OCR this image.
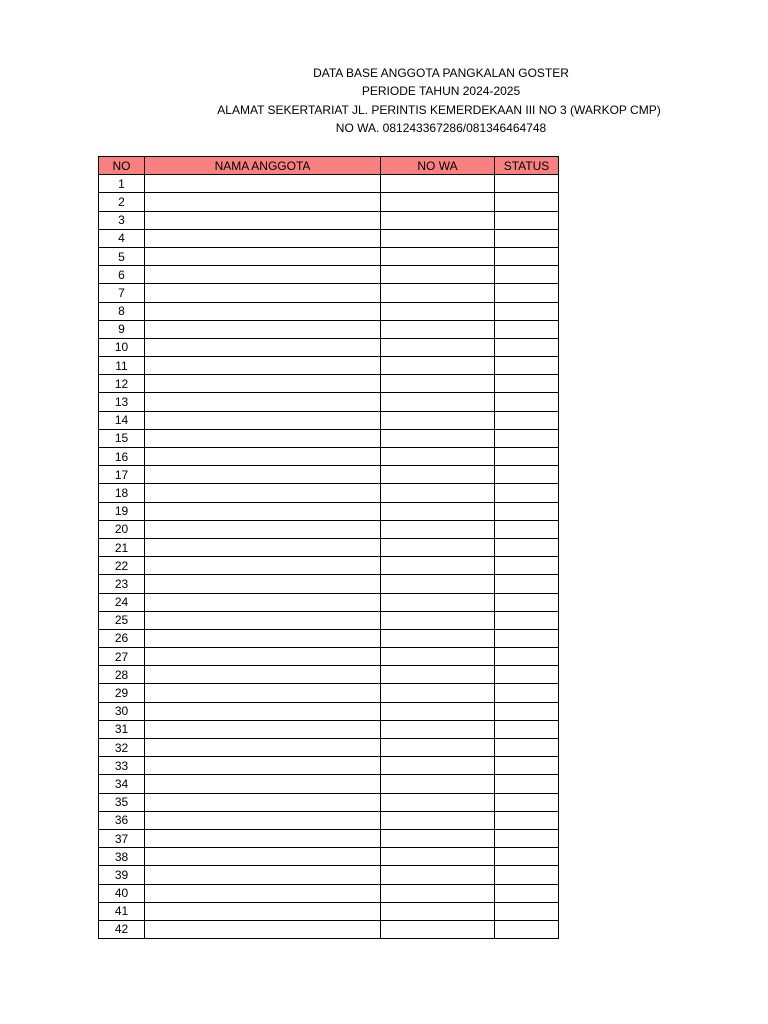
DATA BASE ANGGOTA PANGKALAN GOSTER
PERIODE TAHUN 2024-2025
ALAMAT SEKERTARIAT JL. PERINTIS KEMERDEKAAN III NO 3 (WARKOP CMP)
NO WA. 081243367286/081346464748
NO	NAMA ANGGOTA	NO WA	STATUS
1			
2			
3			
4			
5			
6			
7			
8			
9			
10			
11			
12			
13			
14			
15			
16			
17			
18			
19			
20			
21			
22			
23			
24			
25			
26			
27			
28			
29			
30			
31			
32			
33			
34			
35			
36			
37			
38			
39			
40			
41			
42			
